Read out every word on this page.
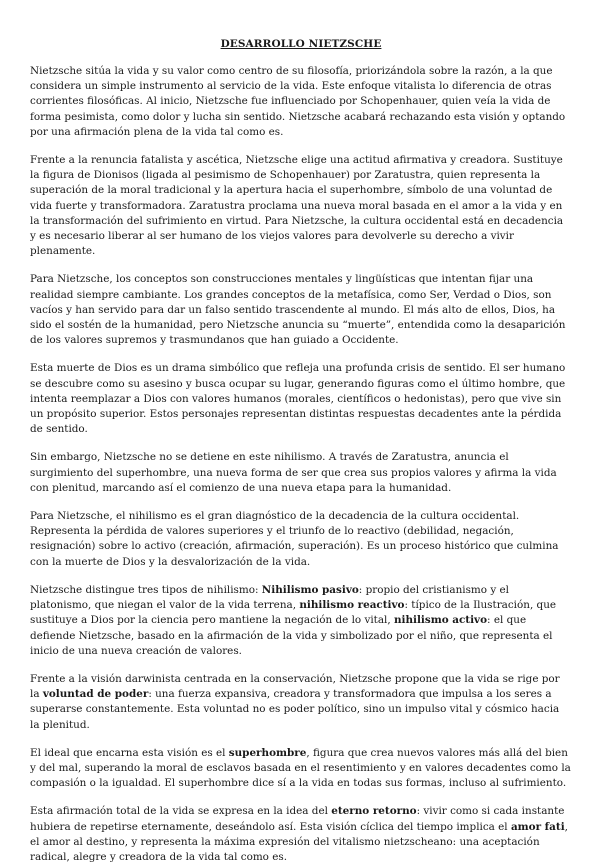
DESARROLLO NIETZSCHE

Nietzsche sitúa la vida y su valor como centro de su filosofía, priorizándola sobre la razón, a la que considera un simple instrumento al servicio de la vida. Este enfoque vitalista lo diferencia de otras corrientes filosóficas. Al inicio, Nietzsche fue influenciado por Schopenhauer, quien veía la vida de forma pesimista, como dolor y lucha sin sentido. Nietzsche acabará rechazando esta visión y optando por una afirmación plena de la vida tal como es.

Frente a la renuncia fatalista y ascética, Nietzsche elige una actitud afirmativa y creadora. Sustituye la figura de Dionisos (ligada al pesimismo de Schopenhauer) por Zaratustra, quien representa la superación de la moral tradicional y la apertura hacia el superhombre, símbolo de una voluntad de vida fuerte y transformadora. Zaratustra proclama una nueva moral basada en el amor a la vida y en la transformación del sufrimiento en virtud. Para Nietzsche, la cultura occidental está en decadencia y es necesario liberar al ser humano de los viejos valores para devolverle su derecho a vivir plenamente.

Para Nietzsche, los conceptos son construcciones mentales y lingüísticas que intentan fijar una realidad siempre cambiante. Los grandes conceptos de la metafísica, como Ser, Verdad o Dios, son vacíos y han servido para dar un falso sentido trascendente al mundo. El más alto de ellos, Dios, ha sido el sostén de la humanidad, pero Nietzsche anuncia su “muerte”, entendida como la desaparición de los valores supremos y trasmundanos que han guiado a Occidente.

Esta muerte de Dios es un drama simbólico que refleja una profunda crisis de sentido. El ser humano se descubre como su asesino y busca ocupar su lugar, generando figuras como el último hombre, que intenta reemplazar a Dios con valores humanos (morales, científicos o hedonistas), pero que vive sin un propósito superior. Estos personajes representan distintas respuestas decadentes ante la pérdida de sentido.

Sin embargo, Nietzsche no se detiene en este nihilismo. A través de Zaratustra, anuncia el surgimiento del superhombre, una nueva forma de ser que crea sus propios valores y afirma la vida con plenitud, marcando así el comienzo de una nueva etapa para la humanidad.

Para Nietzsche, el nihilismo es el gran diagnóstico de la decadencia de la cultura occidental. Representa la pérdida de valores superiores y el triunfo de lo reactivo (debilidad, negación, resignación) sobre lo activo (creación, afirmación, superación). Es un proceso histórico que culmina con la muerte de Dios y la desvalorización de la vida.

Nietzsche distingue tres tipos de nihilismo: Nihilismo pasivo: propio del cristianismo y el platonismo, que niegan el valor de la vida terrena, nihilismo reactivo: típico de la Ilustración, que sustituye a Dios por la ciencia pero mantiene la negación de lo vital, nihilismo activo: el que defiende Nietzsche, basado en la afirmación de la vida y simbolizado por el niño, que representa el inicio de una nueva creación de valores.

Frente a la visión darwinista centrada en la conservación, Nietzsche propone que la vida se rige por la voluntad de poder: una fuerza expansiva, creadora y transformadora que impulsa a los seres a superarse constantemente. Esta voluntad no es poder político, sino un impulso vital y cósmico hacia la plenitud.

El ideal que encarna esta visión es el superhombre, figura que crea nuevos valores más allá del bien y del mal, superando la moral de esclavos basada en el resentimiento y en valores decadentes como la compasión o la igualdad. El superhombre dice sí a la vida en todas sus formas, incluso al sufrimiento.

Esta afirmación total de la vida se expresa en la idea del eterno retorno: vivir como si cada instante hubiera de repetirse eternamente, deseándolo así. Esta visión cíclica del tiempo implica el amor fati, el amor al destino, y representa la máxima expresión del vitalismo nietzscheano: una aceptación radical, alegre y creadora de la vida tal como es.
